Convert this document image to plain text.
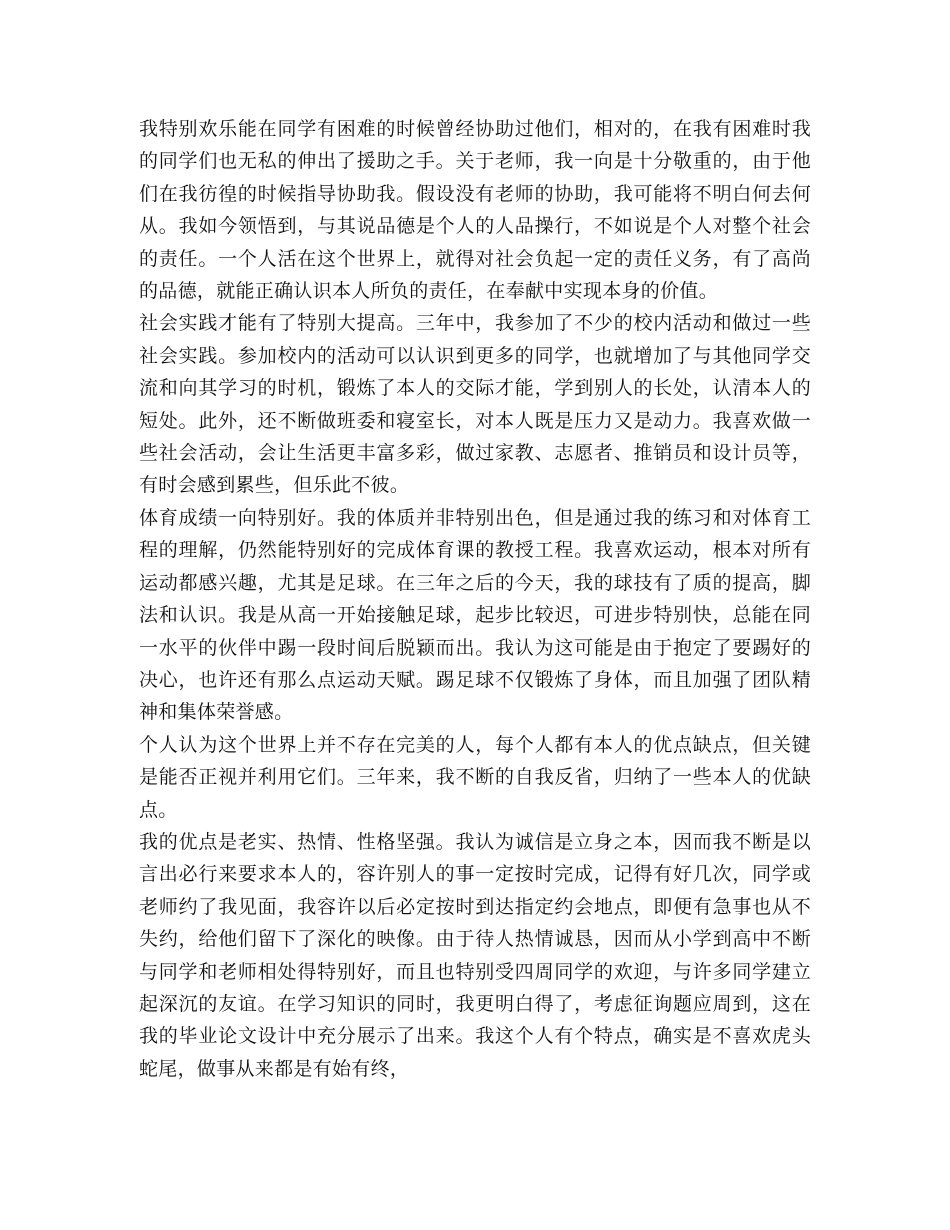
我特别欢乐能在同学有困难的时候曾经协助过他们，相对的，在我有困难时我的同学们也无私的伸出了援助之手。关于老师，我一向是十分敬重的，由于他们在我彷徨的时候指导协助我。假设没有老师的协助，我可能将不明白何去何从。我如今领悟到，与其说品德是个人的人品操行，不如说是个人对整个社会的责任。一个人活在这个世界上，就得对社会负起一定的责任义务，有了高尚的品德，就能正确认识本人所负的责任，在奉献中实现本身的价值。

社会实践才能有了特别大提高。三年中，我参加了不少的校内活动和做过一些社会实践。参加校内的活动可以认识到更多的同学，也就增加了与其他同学交流和向其学习的时机，锻炼了本人的交际才能，学到别人的长处，认清本人的短处。此外，还不断做班委和寝室长，对本人既是压力又是动力。我喜欢做一些社会活动，会让生活更丰富多彩，做过家教、志愿者、推销员和设计员等，有时会感到累些，但乐此不彼。

体育成绩一向特别好。我的体质并非特别出色，但是通过我的练习和对体育工程的理解，仍然能特别好的完成体育课的教授工程。我喜欢运动，根本对所有运动都感兴趣，尤其是足球。在三年之后的今天，我的球技有了质的提高，脚法和认识。我是从高一开始接触足球，起步比较迟，可进步特别快，总能在同一水平的伙伴中踢一段时间后脱颖而出。我认为这可能是由于抱定了要踢好的决心，也许还有那么点运动天赋。踢足球不仅锻炼了身体，而且加强了团队精神和集体荣誉感。

个人认为这个世界上并不存在完美的人，每个人都有本人的优点缺点，但关键是能否正视并利用它们。三年来，我不断的自我反省，归纳了一些本人的优缺点。

我的优点是老实、热情、性格坚强。我认为诚信是立身之本，因而我不断是以言出必行来要求本人的，容许别人的事一定按时完成，记得有好几次，同学或老师约了我见面，我容许以后必定按时到达指定约会地点，即便有急事也从不失约，给他们留下了深化的映像。由于待人热情诚恳，因而从小学到高中不断与同学和老师相处得特别好，而且也特别受四周同学的欢迎，与许多同学建立起深沉的友谊。在学习知识的同时，我更明白得了，考虑征询题应周到，这在我的毕业论文设计中充分展示了出来。我这个人有个特点，确实是不喜欢虎头蛇尾，做事从来都是有始有终，
